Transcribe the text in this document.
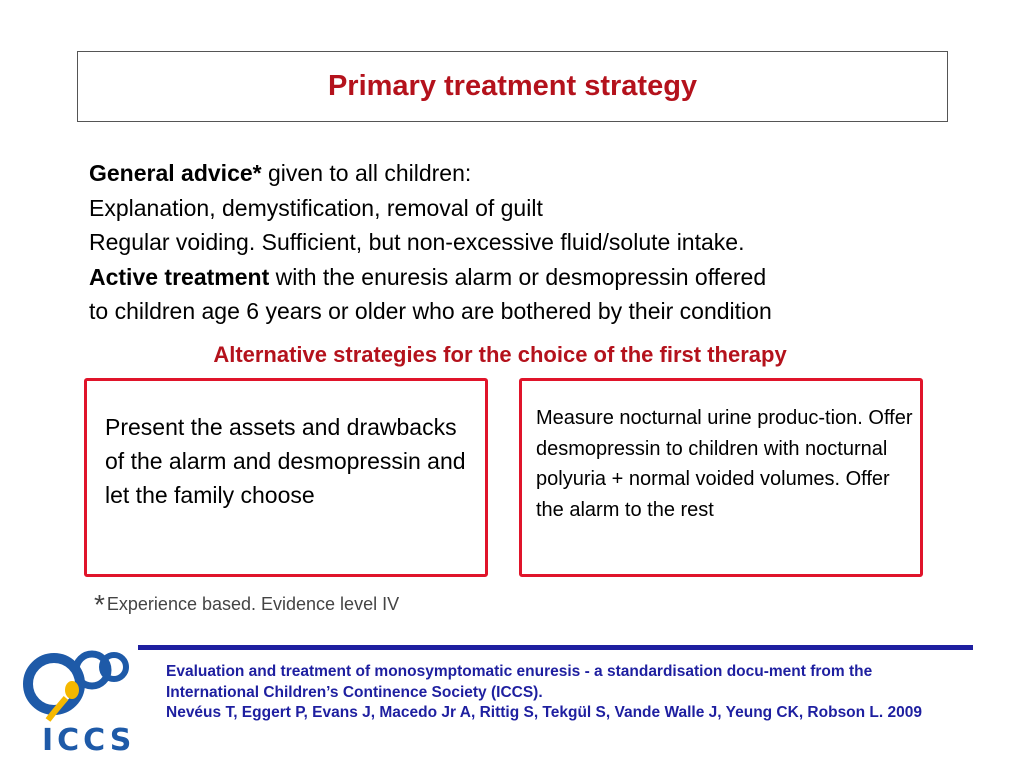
Primary treatment strategy

General advice* given to all children:

Explanation, demystification, removal of guilt

Regular voiding. Sufficient, but non-excessive fluid/solute intake.

Active treatment with the enuresis alarm or desmopressin offered

to children age 6 years or older who are bothered by their condition

Alternative strategies for the choice of the first therapy
Present the assets and drawbacks of the alarm and desmopressin and let the family choose
Measure nocturnal urine produc-tion. Offer desmopressin to children with nocturnal polyuria + normal voided volumes. Offer the alarm to the rest
* Experience based. Evidence level IV
ICCS

Evaluation and treatment of monosymptomatic enuresis - a standardisation docu-ment from the International Children’s Continence Society (ICCS).

Nevéus T, Eggert P, Evans J, Macedo Jr A, Rittig S, Tekgül S, Vande Walle J, Yeung CK, Robson L. 2009
